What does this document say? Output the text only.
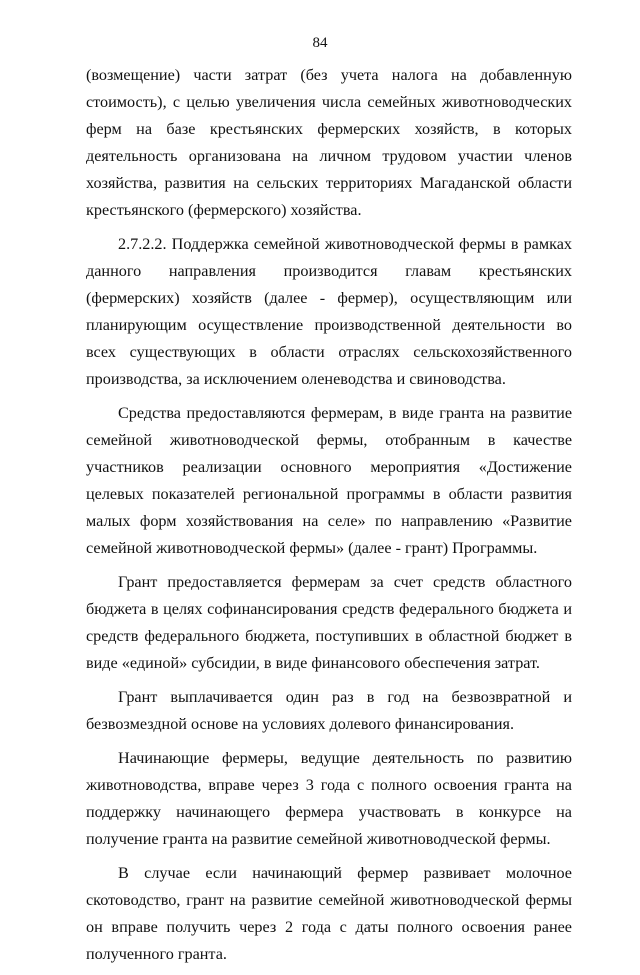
84

(возмещение) части затрат (без учета налога на добавленную стоимость), с целью увеличения числа семейных животноводческих ферм на базе крестьянских фермерских хозяйств, в которых деятельность организована на личном трудовом участии членов хозяйства, развития на сельских территориях Магаданской области крестьянского (фермерского) хозяйства.

2.7.2.2. Поддержка семейной животноводческой фермы в рамках данного направления производится главам крестьянских (фермерских) хозяйств (далее - фермер), осуществляющим или планирующим осуществление производственной деятельности во всех существующих в области отраслях сельскохозяйственного производства, за исключением оленеводства и свиноводства.

Средства предоставляются фермерам, в виде гранта на развитие семейной животноводческой фермы, отобранным в качестве участников реализации основного мероприятия «Достижение целевых показателей региональной программы в области развития малых форм хозяйствования на селе» по направлению «Развитие семейной животноводческой фермы» (далее - грант) Программы.

Грант предоставляется фермерам за счет средств областного бюджета в целях софинансирования средств федерального бюджета и средств федерального бюджета, поступивших в областной бюджет в виде «единой» субсидии, в виде финансового обеспечения затрат.

Грант выплачивается один раз в год на безвозвратной и безвозмездной основе на условиях долевого финансирования.

Начинающие фермеры, ведущие деятельность по развитию животноводства, вправе через 3 года с полного освоения гранта на поддержку начинающего фермера участвовать в конкурсе на получение гранта на развитие семейной животноводческой фермы.

В случае если начинающий фермер развивает молочное скотоводство, грант на развитие семейной животноводческой фермы он вправе получить через 2 года с даты полного освоения ранее полученного гранта.
